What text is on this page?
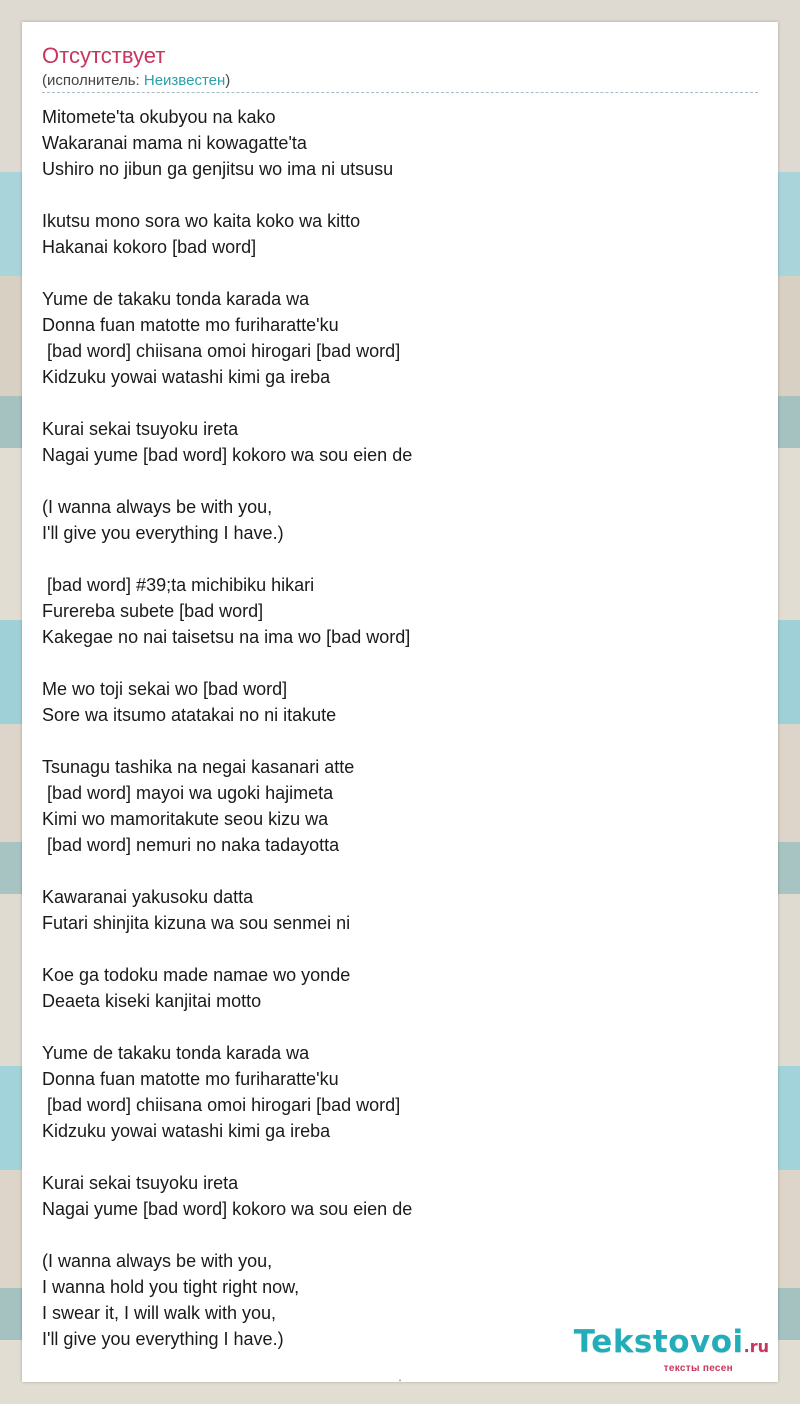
Отсутствует
(исполнитель: Неизвестен)
Mitomete'ta okubyou na kako
Wakaranai mama ni kowagatte'ta
Ushiro no jibun ga genjitsu wo ima ni utsusu
Ikutsu mono sora wo kaita koko wa kitto
Hakanai kokoro [bad word]
Yume de takaku tonda karada wa
Donna fuan matotte mo furiharatte'ku
[bad word] chiisana omoi hirogari [bad word]
Kidzuku yowai watashi kimi ga ireba
Kurai sekai tsuyoku ireta
Nagai yume [bad word] kokoro wa sou eien de
(I wanna always be with you,
I'll give you everything I have.)
[bad word] #39;ta michibiku hikari
Furereba subete [bad word]
Kakegae no nai taisetsu na ima wo [bad word]
Me wo toji sekai wo [bad word]
Sore wa itsumo atatakai no ni itakute
Tsunagu tashika na negai kasanari atte
[bad word] mayoi wa ugoki hajimeta
Kimi wo mamoritakute seou kizu wa
[bad word] nemuri no naka tadayotta
Kawaranai yakusoku datta
Futari shinjita kizuna wa sou senmei ni
Koe ga todoku made namae wo yonde
Deaeta kiseki kanjitai motto
Yume de takaku tonda karada wa
Donna fuan matotte mo furiharatte'ku
[bad word] chiisana omoi hirogari [bad word]
Kidzuku yowai watashi kimi ga ireba
Kurai sekai tsuyoku ireta
Nagai yume [bad word] kokoro wa sou eien de
(I wanna always be with you,
I wanna hold you tight right now,
I swear it, I will walk with you,
I'll give you everything I have.)	Tekstovoi.ru
тексты песен
•
